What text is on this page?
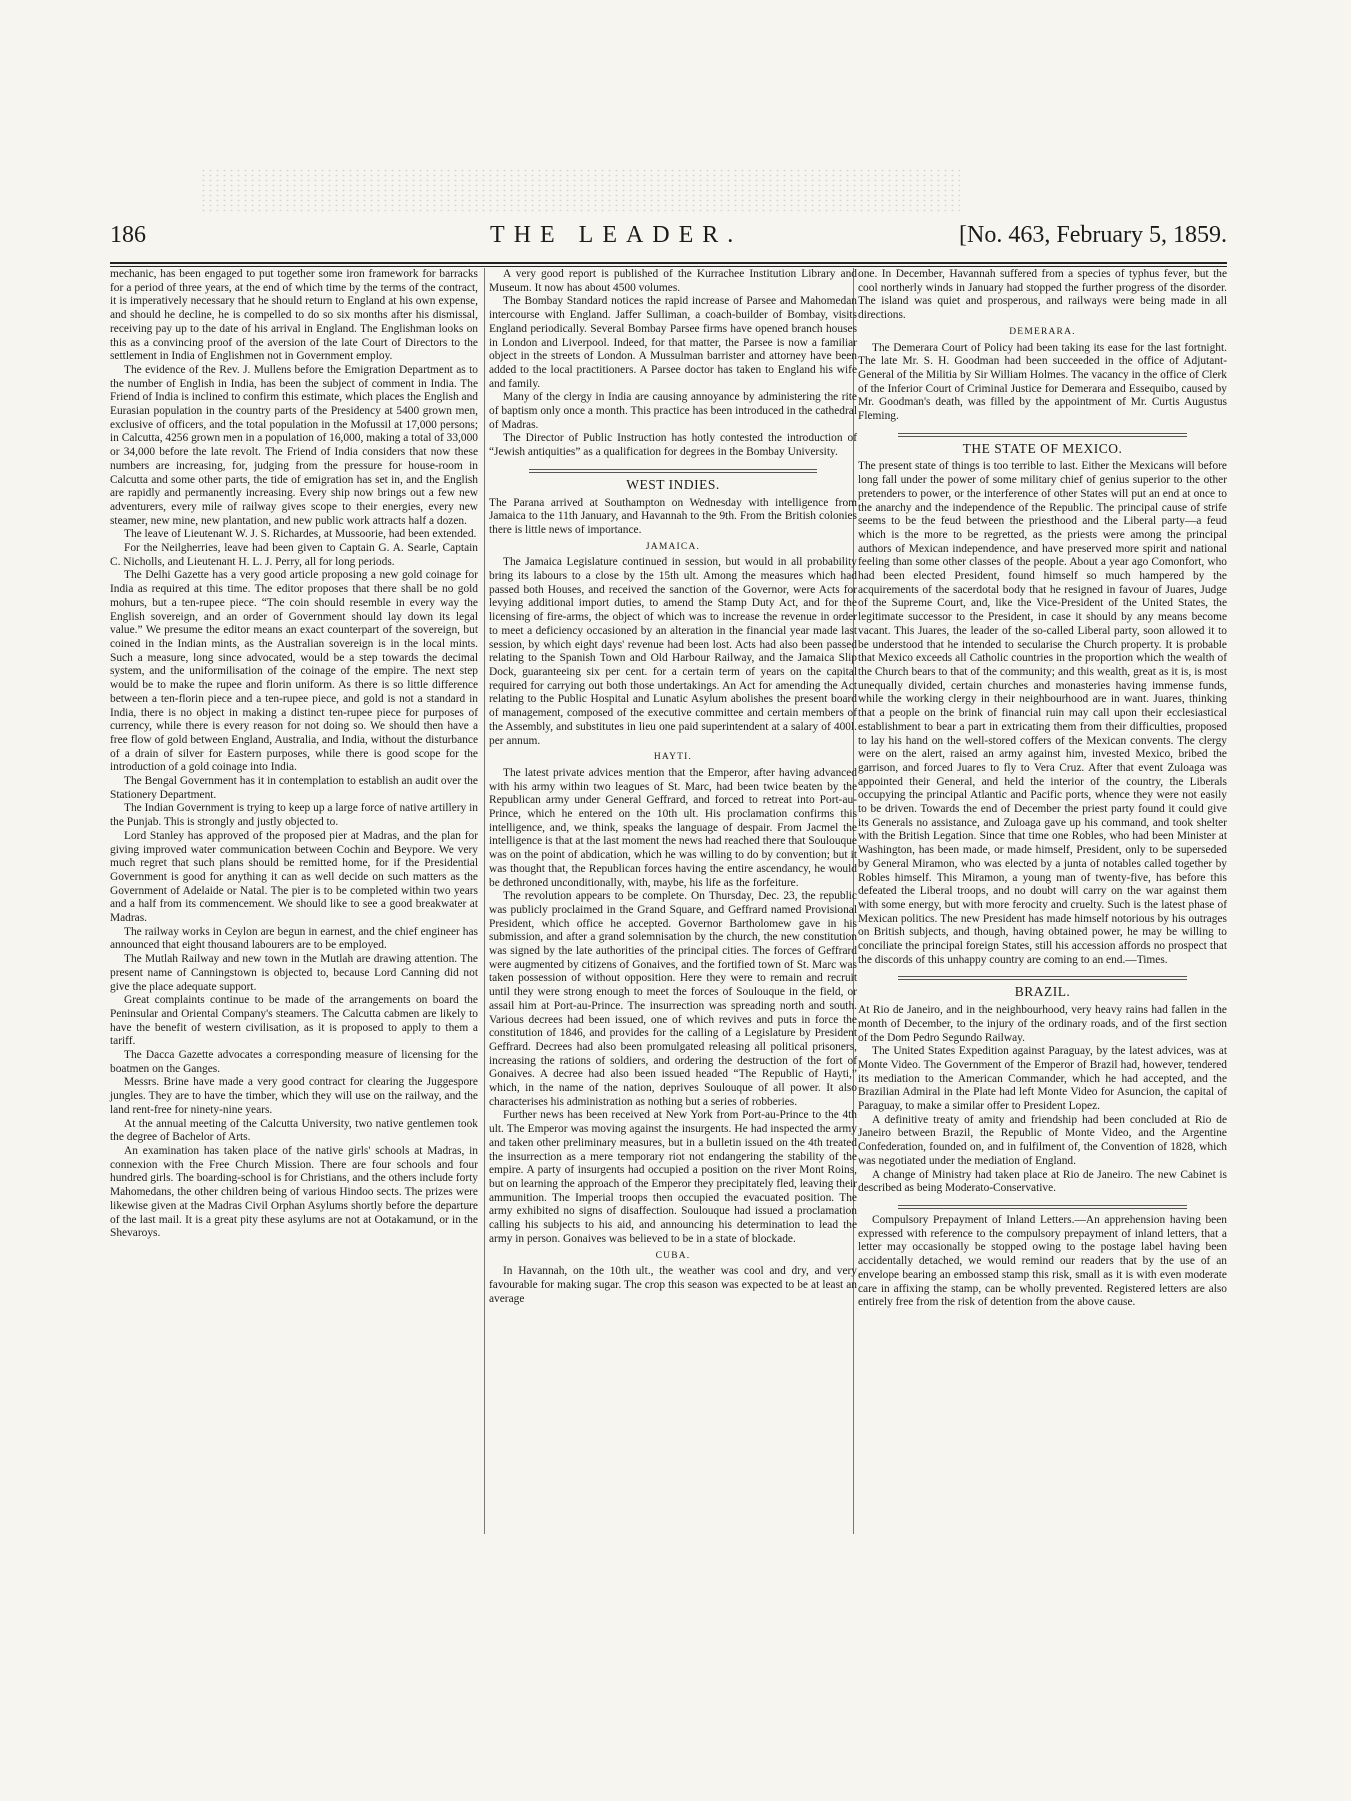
186	THE LEADER.	[No. 463, February 5, 1859.

mechanic, has been engaged to put together some iron framework for barracks for a period of three years, at the end of which time by the terms of the contract, it is imperatively necessary that he should return to England at his own expense, and should he decline, he is compelled to do so six months after his dismissal, receiving pay up to the date of his arrival in England. The Englishman looks on this as a convincing proof of the aversion of the late Court of Directors to the settlement in India of Englishmen not in Government employ.

The evidence of the Rev. J. Mullens before the Emigration Department as to the number of English in India, has been the subject of comment in India. The Friend of India is inclined to confirm this estimate, which places the English and Eurasian population in the country parts of the Presidency at 5400 grown men, exclusive of officers, and the total population in the Mofussil at 17,000 persons; in Calcutta, 4256 grown men in a population of 16,000, making a total of 33,000 or 34,000 before the late revolt. The Friend of India considers that now these numbers are increasing, for, judging from the pressure for house-room in Calcutta and some other parts, the tide of emigration has set in, and the English are rapidly and permanently increasing. Every ship now brings out a few new adventurers, every mile of railway gives scope to their energies, every new steamer, new mine, new plantation, and new public work attracts half a dozen.

The leave of Lieutenant W. J. S. Richardes, at Mussoorie, had been extended.

For the Neilgherries, leave had been given to Captain G. A. Searle, Captain C. Nicholls, and Lieutenant H. L. J. Perry, all for long periods.

The Delhi Gazette has a very good article proposing a new gold coinage for India as required at this time. The editor proposes that there shall be no gold mohurs, but a ten-rupee piece. “The coin should resemble in every way the English sovereign, and an order of Government should lay down its legal value.” We presume the editor means an exact counterpart of the sovereign, but coined in the Indian mints, as the Australian sovereign is in the local mints. Such a measure, long since advocated, would be a step towards the decimal system, and the uniformilisation of the coinage of the empire. The next step would be to make the rupee and florin uniform. As there is so little difference between a ten-florin piece and a ten-rupee piece, and gold is not a standard in India, there is no object in making a distinct ten-rupee piece for purposes of currency, while there is every reason for not doing so. We should then have a free flow of gold between England, Australia, and India, without the disturbance of a drain of silver for Eastern purposes, while there is good scope for the introduction of a gold coinage into India.

The Bengal Government has it in contemplation to establish an audit over the Stationery Department.

The Indian Government is trying to keep up a large force of native artillery in the Punjab. This is strongly and justly objected to.

Lord Stanley has approved of the proposed pier at Madras, and the plan for giving improved water communication between Cochin and Beypore. We very much regret that such plans should be remitted home, for if the Presidential Government is good for anything it can as well decide on such matters as the Government of Adelaide or Natal. The pier is to be completed within two years and a half from its commencement. We should like to see a good breakwater at Madras.

The railway works in Ceylon are begun in earnest, and the chief engineer has announced that eight thousand labourers are to be employed.

The Mutlah Railway and new town in the Mutlah are drawing attention. The present name of Canningstown is objected to, because Lord Canning did not give the place adequate support.

Great complaints continue to be made of the arrangements on board the Peninsular and Oriental Company's steamers. The Calcutta cabmen are likely to have the benefit of western civilisation, as it is proposed to apply to them a tariff.

The Dacca Gazette advocates a corresponding measure of licensing for the boatmen on the Ganges.

Messrs. Brine have made a very good contract for clearing the Juggespore jungles. They are to have the timber, which they will use on the railway, and the land rent-free for ninety-nine years.

At the annual meeting of the Calcutta University, two native gentlemen took the degree of Bachelor of Arts.

An examination has taken place of the native girls' schools at Madras, in connexion with the Free Church Mission. There are four schools and four hundred girls. The boarding-school is for Christians, and the others include forty Mahomedans, the other children being of various Hindoo sects. The prizes were likewise given at the Madras Civil Orphan Asylums shortly before the departure of the last mail. It is a great pity these asylums are not at Ootakamund, or in the Shevaroys.

A very good report is published of the Kurrachee Institution Library and Museum. It now has about 4500 volumes.

The Bombay Standard notices the rapid increase of Parsee and Mahomedan intercourse with England. Jaffer Sulliman, a coach-builder of Bombay, visits England periodically. Several Bombay Parsee firms have opened branch houses in London and Liverpool. Indeed, for that matter, the Parsee is now a familiar object in the streets of London. A Mussulman barrister and attorney have been added to the local practitioners. A Parsee doctor has taken to England his wife and family.

Many of the clergy in India are causing annoyance by administering the rite of baptism only once a month. This practice has been introduced in the cathedral of Madras.

The Director of Public Instruction has hotly contested the introduction of “Jewish antiquities” as a qualification for degrees in the Bombay University.

WEST INDIES.

The Parana arrived at Southampton on Wednesday with intelligence from Jamaica to the 11th January, and Havannah to the 9th. From the British colonies there is little news of importance.

JAMAICA.

The Jamaica Legislature continued in session, but would in all probability bring its labours to a close by the 15th ult. Among the measures which had passed both Houses, and received the sanction of the Governor, were Acts for levying additional import duties, to amend the Stamp Duty Act, and for the licensing of fire-arms, the object of which was to increase the revenue in order to meet a deficiency occasioned by an alteration in the financial year made last session, by which eight days' revenue had been lost. Acts had also been passed relating to the Spanish Town and Old Harbour Railway, and the Jamaica Slip Dock, guaranteeing six per cent. for a certain term of years on the capital required for carrying out both those undertakings. An Act for amending the Act relating to the Public Hospital and Lunatic Asylum abolishes the present board of management, composed of the executive committee and certain members of the Assembly, and substitutes in lieu one paid superintendent at a salary of 400l. per annum.

HAYTI.

The latest private advices mention that the Emperor, after having advanced with his army within two leagues of St. Marc, had been twice beaten by the Republican army under General Geffrard, and forced to retreat into Port-au-Prince, which he entered on the 10th ult. His proclamation confirms this intelligence, and, we think, speaks the language of despair. From Jacmel the intelligence is that at the last moment the news had reached there that Soulouque was on the point of abdication, which he was willing to do by convention; but it was thought that, the Republican forces having the entire ascendancy, he would be dethroned unconditionally, with, maybe, his life as the forfeiture.

The revolution appears to be complete. On Thursday, Dec. 23, the republic was publicly proclaimed in the Grand Square, and Geffrard named Provisional President, which office he accepted. Governor Bartholomew gave in his submission, and after a grand solemnisation by the church, the new constitution was signed by the late authorities of the principal cities. The forces of Geffrard were augmented by citizens of Gonaives, and the fortified town of St. Marc was taken possession of without opposition. Here they were to remain and recruit until they were strong enough to meet the forces of Soulouque in the field, or assail him at Port-au-Prince. The insurrection was spreading north and south. Various decrees had been issued, one of which revives and puts in force the constitution of 1846, and provides for the calling of a Legislature by President Geffrard. Decrees had also been promulgated releasing all political prisoners, increasing the rations of soldiers, and ordering the destruction of the fort of Gonaives. A decree had also been issued headed “The Republic of Hayti,” which, in the name of the nation, deprives Soulouque of all power. It also characterises his administration as nothing but a series of robberies.

Further news has been received at New York from Port-au-Prince to the 4th ult. The Emperor was moving against the insurgents. He had inspected the army and taken other preliminary measures, but in a bulletin issued on the 4th treated the insurrection as a mere temporary riot not endangering the stability of the empire. A party of insurgents had occupied a position on the river Mont Roins, but on learning the approach of the Emperor they precipitately fled, leaving their ammunition. The Imperial troops then occupied the evacuated position. The army exhibited no signs of disaffection. Soulouque had issued a proclamation calling his subjects to his aid, and announcing his determination to lead the army in person. Gonaives was believed to be in a state of blockade.

CUBA.

In Havannah, on the 10th ult., the weather was cool and dry, and very favourable for making sugar. The crop this season was expected to be at least an average

one. In December, Havannah suffered from a species of typhus fever, but the cool northerly winds in January had stopped the further progress of the disorder. The island was quiet and prosperous, and railways were being made in all directions.

DEMERARA.

The Demerara Court of Policy had been taking its ease for the last fortnight. The late Mr. S. H. Goodman had been succeeded in the office of Adjutant-General of the Militia by Sir William Holmes. The vacancy in the office of Clerk of the Inferior Court of Criminal Justice for Demerara and Essequibo, caused by Mr. Goodman's death, was filled by the appointment of Mr. Curtis Augustus Fleming.

THE STATE OF MEXICO.

The present state of things is too terrible to last. Either the Mexicans will before long fall under the power of some military chief of genius superior to the other pretenders to power, or the interference of other States will put an end at once to the anarchy and the independence of the Republic. The principal cause of strife seems to be the feud between the priesthood and the Liberal party—a feud which is the more to be regretted, as the priests were among the principal authors of Mexican independence, and have preserved more spirit and national feeling than some other classes of the people. About a year ago Comonfort, who had been elected President, found himself so much hampered by the acquirements of the sacerdotal body that he resigned in favour of Juares, Judge of the Supreme Court, and, like the Vice-President of the United States, the legitimate successor to the President, in case it should by any means become vacant. This Juares, the leader of the so-called Liberal party, soon allowed it to be understood that he intended to secularise the Church property. It is probable that Mexico exceeds all Catholic countries in the proportion which the wealth of the Church bears to that of the community; and this wealth, great as it is, is most unequally divided, certain churches and monasteries having immense funds, while the working clergy in their neighbourhood are in want. Juares, thinking that a people on the brink of financial ruin may call upon their ecclesiastical establishment to bear a part in extricating them from their difficulties, proposed to lay his hand on the well-stored coffers of the Mexican convents. The clergy were on the alert, raised an army against him, invested Mexico, bribed the garrison, and forced Juares to fly to Vera Cruz. After that event Zuloaga was appointed their General, and held the interior of the country, the Liberals occupying the principal Atlantic and Pacific ports, whence they were not easily to be driven. Towards the end of December the priest party found it could give its Generals no assistance, and Zuloaga gave up his command, and took shelter with the British Legation. Since that time one Robles, who had been Minister at Washington, has been made, or made himself, President, only to be superseded by General Miramon, who was elected by a junta of notables called together by Robles himself. This Miramon, a young man of twenty-five, has before this defeated the Liberal troops, and no doubt will carry on the war against them with some energy, but with more ferocity and cruelty. Such is the latest phase of Mexican politics. The new President has made himself notorious by his outrages on British subjects, and though, having obtained power, he may be willing to conciliate the principal foreign States, still his accession affords no prospect that the discords of this unhappy country are coming to an end.—Times.

BRAZIL.

At Rio de Janeiro, and in the neighbourhood, very heavy rains had fallen in the month of December, to the injury of the ordinary roads, and of the first section of the Dom Pedro Segundo Railway.

The United States Expedition against Paraguay, by the latest advices, was at Monte Video. The Government of the Emperor of Brazil had, however, tendered its mediation to the American Commander, which he had accepted, and the Brazilian Admiral in the Plate had left Monte Video for Asuncion, the capital of Paraguay, to make a similar offer to President Lopez.

A definitive treaty of amity and friendship had been concluded at Rio de Janeiro between Brazil, the Republic of Monte Video, and the Argentine Confederation, founded on, and in fulfilment of, the Convention of 1828, which was negotiated under the mediation of England.

A change of Ministry had taken place at Rio de Janeiro. The new Cabinet is described as being Moderato-Conservative.

Compulsory Prepayment of Inland Letters.—An apprehension having been expressed with reference to the compulsory prepayment of inland letters, that a letter may occasionally be stopped owing to the postage label having been accidentally detached, we would remind our readers that by the use of an envelope bearing an embossed stamp this risk, small as it is with even moderate care in affixing the stamp, can be wholly prevented. Registered letters are also entirely free from the risk of detention from the above cause.
